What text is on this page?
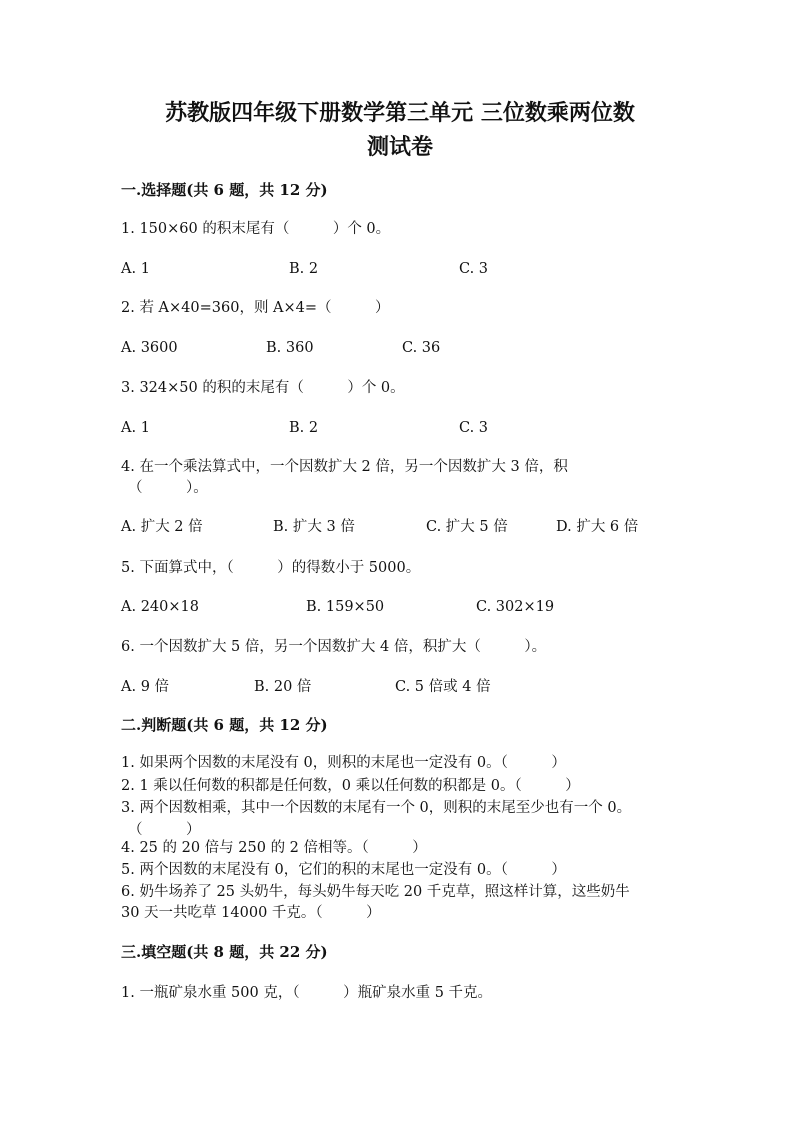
苏教版四年级下册数学第三单元 三位数乘两位数
测试卷
一.选择题(共 6 题，共 12 分)
1. 150×60 的积末尾有（　　　）个 0。
A. 1	B. 2	C. 3
2. 若 A×40=360，则 A×4=（　　　）
A. 3600	B. 360	C. 36
3. 324×50 的积的末尾有（　　　）个 0。
A. 1	B. 2	C. 3
4. 在一个乘法算式中，一个因数扩大 2 倍，另一个因数扩大 3 倍，积
（　　　）。
A. 扩大 2 倍	B. 扩大 3 倍	C. 扩大 5 倍	D. 扩大 6 倍
5. 下面算式中，（　　　）的得数小于 5000。
A. 240×18	B. 159×50	C. 302×19
6. 一个因数扩大 5 倍，另一个因数扩大 4 倍，积扩大（　　　）。
A. 9 倍	B. 20 倍	C. 5 倍或 4 倍
二.判断题(共 6 题，共 12 分)
1. 如果两个因数的末尾没有 0，则积的末尾也一定没有 0。（　　　）
2. 1 乘以任何数的积都是任何数，0 乘以任何数的积都是 0。（　　　）
3. 两个因数相乘，其中一个因数的末尾有一个 0，则积的末尾至少也有一个 0。
（　　　）
4. 25 的 20 倍与 250 的 2 倍相等。（　　　）
5. 两个因数的末尾没有 0，它们的积的末尾也一定没有 0。（　　　）
6. 奶牛场养了 25 头奶牛，每头奶牛每天吃 20 千克草，照这样计算，这些奶牛
30 天一共吃草 14000 千克。（　　　）
三.填空题(共 8 题，共 22 分)
1. 一瓶矿泉水重 500 克，（　　　）瓶矿泉水重 5 千克。
